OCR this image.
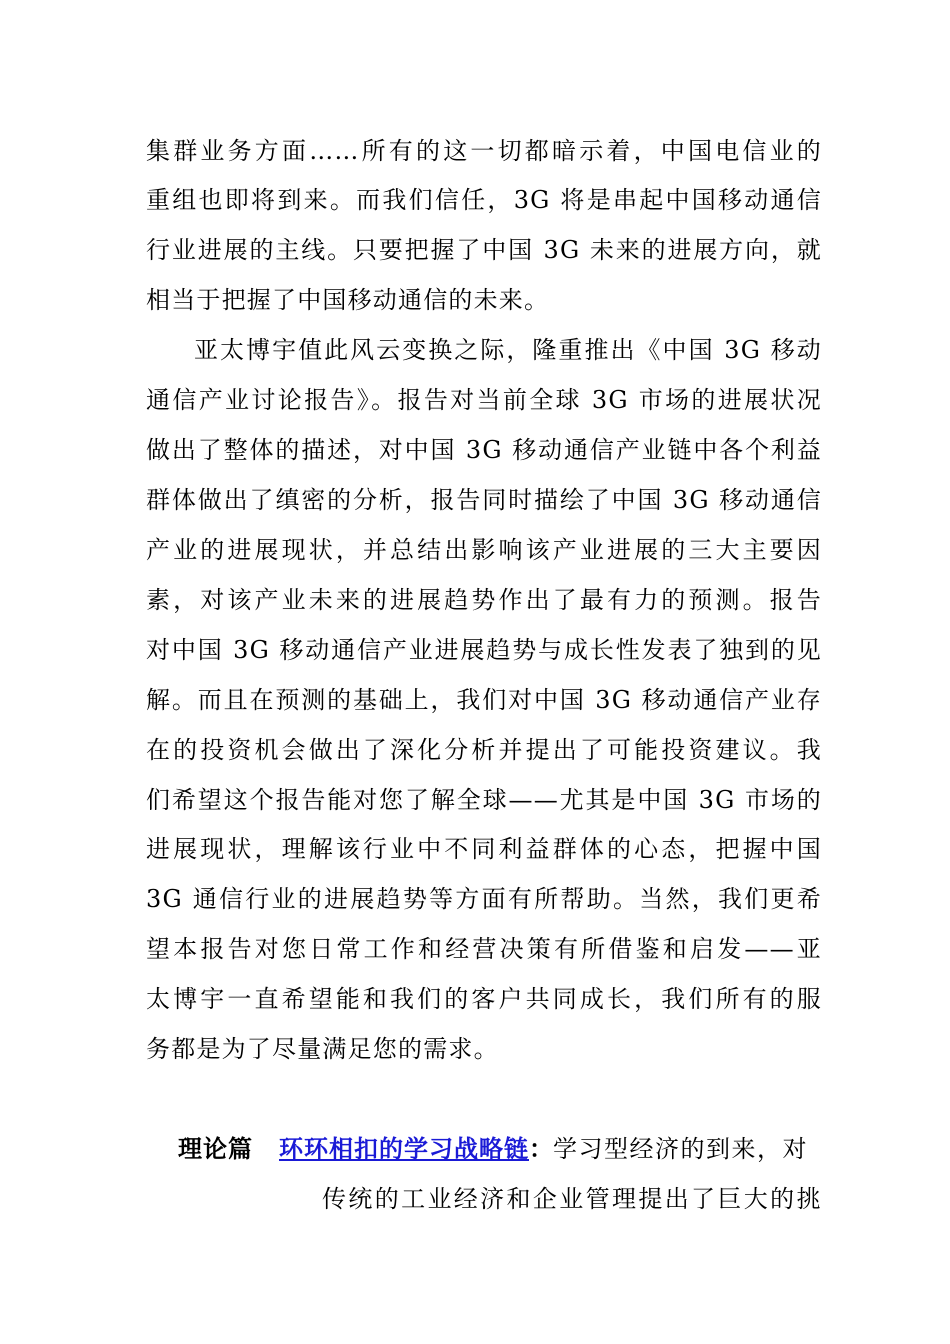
集群业务方面……所有的这一切都暗示着，中国电信业的
重组也即将到来。而我们信任，3G 将是串起中国移动通信
行业进展的主线。只要把握了中国 3G 未来的进展方向，就
相当于把握了中国移动通信的未来。
亚太博宇值此风云变换之际，隆重推出《中国 3G 移动
通信产业讨论报告》。报告对当前全球 3G 市场的进展状况
做出了整体的描述，对中国 3G 移动通信产业链中各个利益
群体做出了缜密的分析，报告同时描绘了中国 3G 移动通信
产业的进展现状，并总结出影响该产业进展的三大主要因
素，对该产业未来的进展趋势作出了最有力的预测。报告
对中国 3G 移动通信产业进展趋势与成长性发表了独到的见
解。而且在预测的基础上，我们对中国 3G 移动通信产业存
在的投资机会做出了深化分析并提出了可能投资建议。我
们希望这个报告能对您了解全球——尤其是中国 3G 市场的
进展现状，理解该行业中不同利益群体的心态，把握中国
3G 通信行业的进展趋势等方面有所帮助。当然，我们更希
望本报告对您日常工作和经营决策有所借鉴和启发——亚
太博宇一直希望能和我们的客户共同成长，我们所有的服
务都是为了尽量满足您的需求。
理论篇 环环相扣的学习战略链：学习型经济的到来，对
传统的工业经济和企业管理提出了巨大的挑
